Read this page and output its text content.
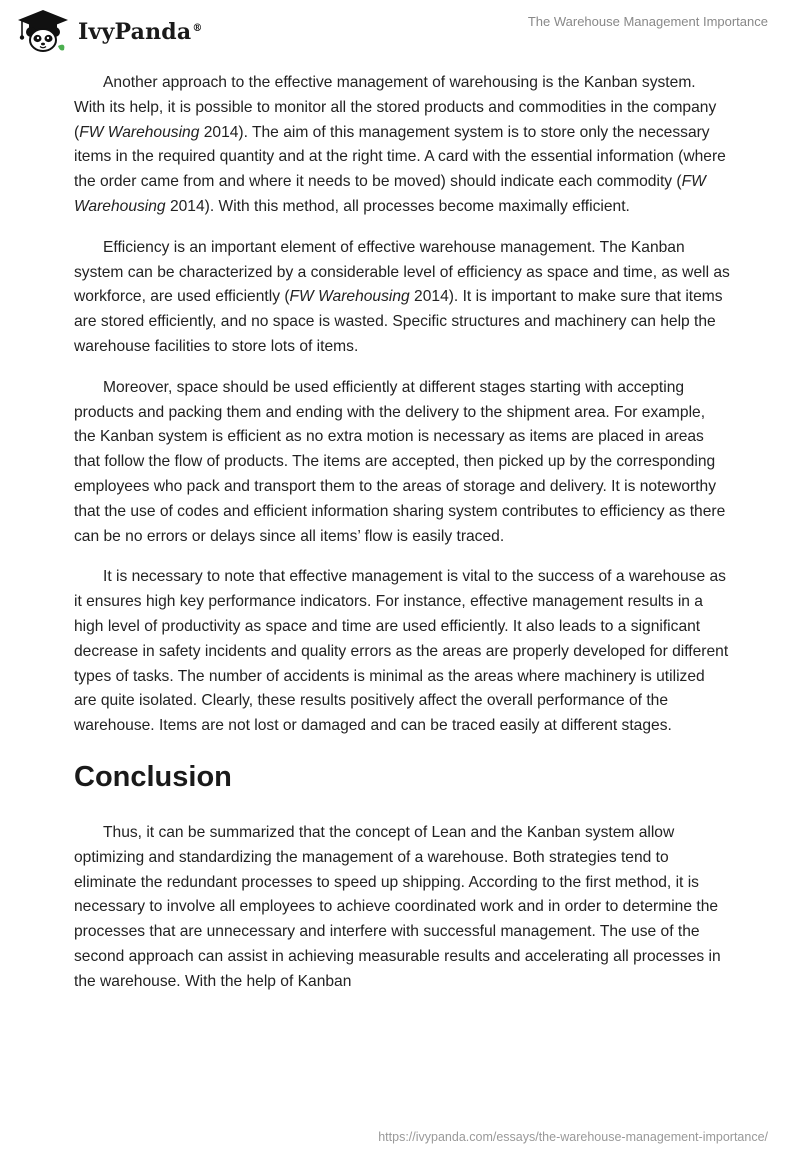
IvyPanda®	The Warehouse Management Importance

Another approach to the effective management of warehousing is the Kanban system. With its help, it is possible to monitor all the stored products and commodities in the company (FW Warehousing 2014). The aim of this management system is to store only the necessary items in the required quantity and at the right time. A card with the essential information (where the order came from and where it needs to be moved) should indicate each commodity (FW Warehousing 2014). With this method, all processes become maximally efficient.

Efficiency is an important element of effective warehouse management. The Kanban system can be characterized by a considerable level of efficiency as space and time, as well as workforce, are used efficiently (FW Warehousing 2014). It is important to make sure that items are stored efficiently, and no space is wasted. Specific structures and machinery can help the warehouse facilities to store lots of items.

Moreover, space should be used efficiently at different stages starting with accepting products and packing them and ending with the delivery to the shipment area. For example, the Kanban system is efficient as no extra motion is necessary as items are placed in areas that follow the flow of products. The items are accepted, then picked up by the corresponding employees who pack and transport them to the areas of storage and delivery. It is noteworthy that the use of codes and efficient information sharing system contributes to efficiency as there can be no errors or delays since all items’ flow is easily traced.

It is necessary to note that effective management is vital to the success of a warehouse as it ensures high key performance indicators. For instance, effective management results in a high level of productivity as space and time are used efficiently. It also leads to a significant decrease in safety incidents and quality errors as the areas are properly developed for different types of tasks. The number of accidents is minimal as the areas where machinery is utilized are quite isolated. Clearly, these results positively affect the overall performance of the warehouse. Items are not lost or damaged and can be traced easily at different stages.

Conclusion

Thus, it can be summarized that the concept of Lean and the Kanban system allow optimizing and standardizing the management of a warehouse. Both strategies tend to eliminate the redundant processes to speed up shipping. According to the first method, it is necessary to involve all employees to achieve coordinated work and in order to determine the processes that are unnecessary and interfere with successful management. The use of the second approach can assist in achieving measurable results and accelerating all processes in the warehouse. With the help of Kanban

https://ivypanda.com/essays/the-warehouse-management-importance/
